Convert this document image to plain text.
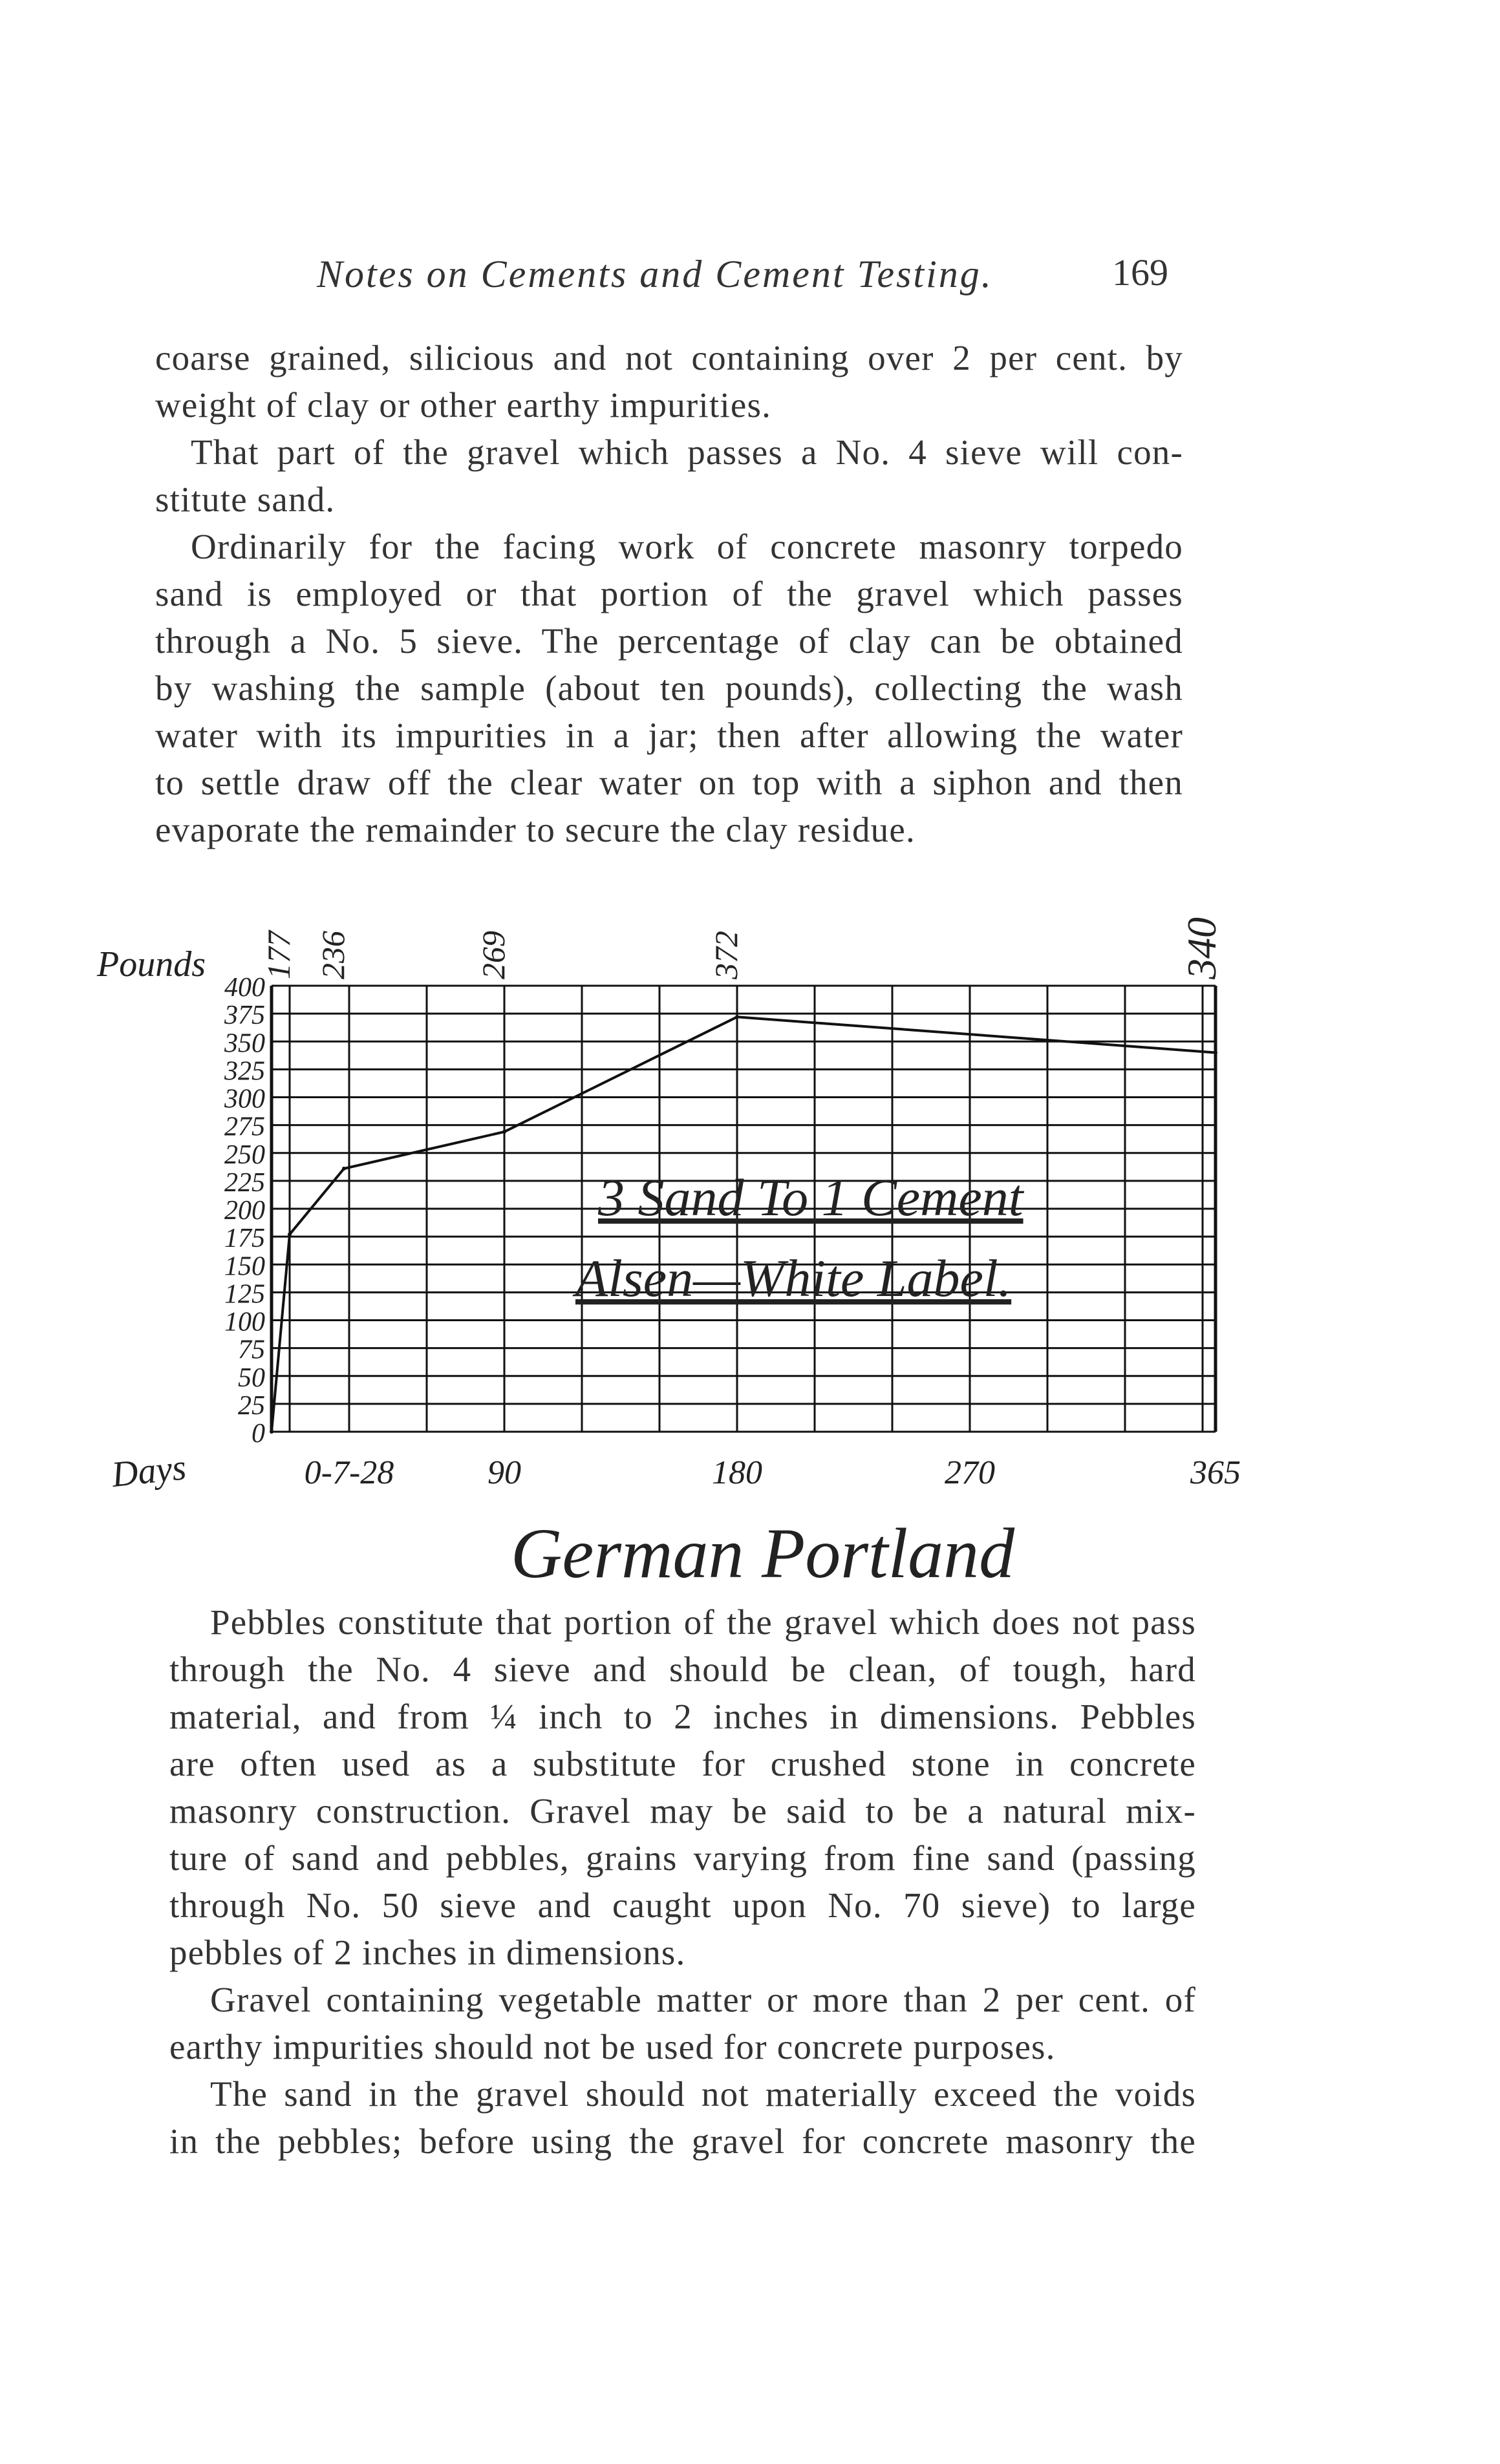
Notes on Cements and Cement Testing.	169
coarse grained, silicious and not containing over 2 per cent. by
weight of clay or other earthy impurities.
That part of the gravel which passes a No. 4 sieve will con-
stitute sand.
Ordinarily for the facing work of concrete masonry torpedo
sand is employed or that portion of the gravel which passes
through a No. 5 sieve. The percentage of clay can be obtained
by washing the sample (about ten pounds), collecting the wash
water with its impurities in a jar; then after allowing the water
to settle draw off the clear water on top with a siphon and then
evaporate the remainder to secure the clay residue.
400
375
350
325
300
275
250
225
200
175
150
125
100
75
50
25
0
0-7-28	90	180	270	365
177 236	269	372	340
Pounds
Days
3 Sand To 1 Cement
Alsen—White Label.
German Portland
Pebbles constitute that portion of the gravel which does not pass
through the No. 4 sieve and should be clean, of tough, hard
material, and from ¼ inch to 2 inches in dimensions. Pebbles
are often used as a substitute for crushed stone in concrete
masonry construction. Gravel may be said to be a natural mix-
ture of sand and pebbles, grains varying from fine sand (passing
through No. 50 sieve and caught upon No. 70 sieve) to large
pebbles of 2 inches in dimensions.
Gravel containing vegetable matter or more than 2 per cent. of
earthy impurities should not be used for concrete purposes.
The sand in the gravel should not materially exceed the voids
in the pebbles; before using the gravel for concrete masonry the
